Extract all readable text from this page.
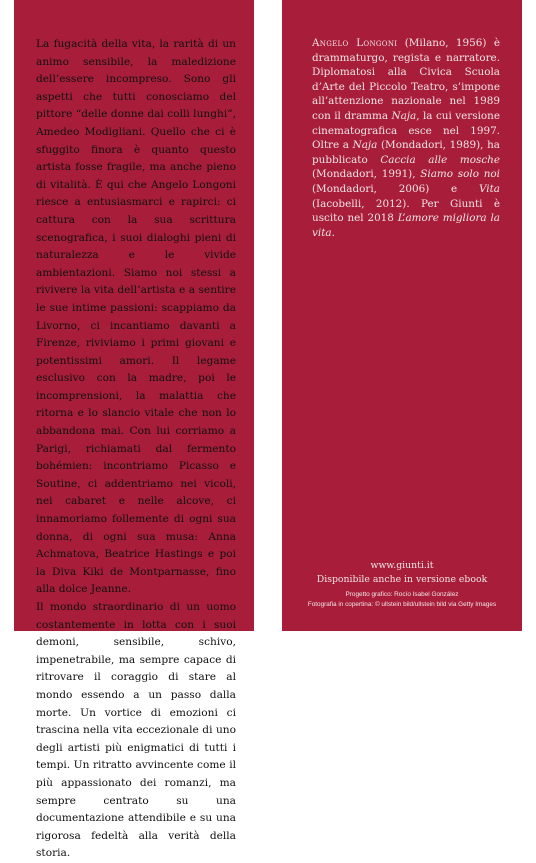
La fugacità della vita, la rarità di un animo sensibile, la maledizione dell’essere incompreso. Sono gli aspetti che tutti conosciamo del pittore “delle donne dai colli lunghi”, Amedeo Modigliani. Quello che ci è sfuggito finora è quanto questo artista fosse fragile, ma anche pieno di vitalità. È qui che Angelo Longoni riesce a entusiasmarci e rapirci: ci cattura con la sua scrittura scenografica, i suoi dialoghi pieni di naturalezza e le vivide ambientazioni. Siamo noi stessi a rivivere la vita dell’artista e a sentire le sue intime passioni: scappiamo da Livorno, ci incantiamo davanti a Firenze, riviviamo i primi giovani e potentissimi amori. Il legame esclusivo con la madre, poi le incomprensioni, la malattia che ritorna e lo slancio vitale che non lo abbandona mai. Con lui corriamo a Parigi, richiamati dal fermento bohémien: incontriamo Picasso e Soutine, ci addentriamo nei vicoli, nei cabaret e nelle alcove, ci innamoriamo follemente di ogni sua donna, di ogni sua musa: Anna Achmatova, Beatrice Hastings e poi la Diva Kiki de Montparnasse, fino alla dolce Jeanne.

Il mondo straordinario di un uomo costantemente in lotta con i suoi demoni, sensibile, schivo, impenetrabile, ma sempre capace di ritrovare il coraggio di stare al mondo essendo a un passo dalla morte. Un vortice di emozioni ci trascina nella vita eccezionale di uno degli artisti più enigmatici di tutti i tempi. Un ritratto avvincente come il più appassionato dei romanzi, ma sempre centrato su una documentazione attendibile e su una rigorosa fedeltà alla verità della storia.

Angelo Longoni (Milano, 1956) è drammaturgo, regista e narratore. Diplomatosi alla Civica Scuola d’Arte del Piccolo Teatro, s’impone all’attenzione nazionale nel 1989 con il dramma Naja, la cui versione cinematografica esce nel 1997. Oltre a Naja (Mondadori, 1989), ha pubblicato Caccia alle mosche (Mondadori, 1991), Siamo solo noi (Mondadori, 2006) e Vita (Iacobelli, 2012). Per Giunti è uscito nel 2018 L’amore migliora la vita.
www.giunti.it
Disponibile anche in versione ebook
Progetto grafico: Rocío Isabel González
Fotografia in copertina: © ullstein bild/ullstein bild via Getty Images
